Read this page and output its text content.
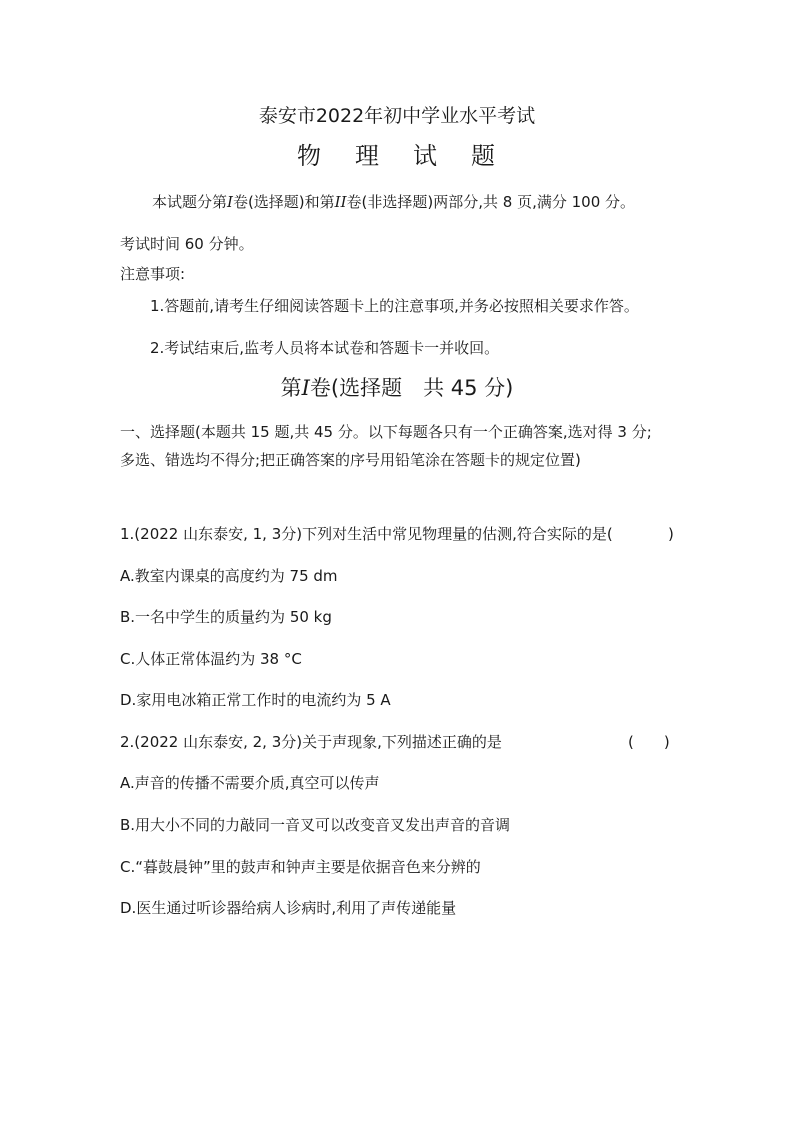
泰安市2022年初中学业水平考试
物 理 试 题
本试题分第I卷(选择题)和第II卷(非选择题)两部分,共 8 页,满分 100 分。
考试时间 60 分钟。
注意事项:
1.答题前,请考生仔细阅读答题卡上的注意事项,并务必按照相关要求作答。
2.考试结束后,监考人员将本试卷和答题卡一并收回。
第I卷(选择题　共 45 分)
一、选择题(本题共 15 题,共 45 分。以下每题各只有一个正确答案,选对得 3 分;
多选、错选均不得分;把正确答案的序号用铅笔涂在答题卡的规定位置)
1.(2022 山东泰安, 1, 3分)下列对生活中常见物理量的估测,符合实际的是(	)
A.教室内课桌的高度约为 75 dm
B.一名中学生的质量约为 50 kg
C.人体正常体温约为 38 °C
D.家用电冰箱正常工作时的电流约为 5 A
2.(2022 山东泰安, 2, 3分)关于声现象,下列描述正确的是	(　　)
A.声音的传播不需要介质,真空可以传声
B.用大小不同的力敲同一音叉可以改变音叉发出声音的音调
C.“暮鼓晨钟”里的鼓声和钟声主要是依据音色来分辨的
D.医生通过听诊器给病人诊病时,利用了声传递能量
